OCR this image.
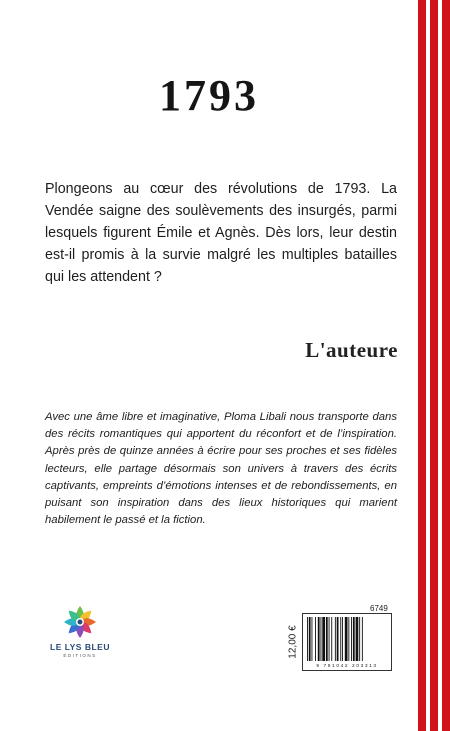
1793

Plongeons au cœur des révolutions de 1793. La Vendée saigne des soulèvements des insurgés, parmi lesquels figurent Émile et Agnès. Dès lors, leur destin est-il promis à la survie malgré les multiples batailles qui les attendent ?

L'auteure

Avec une âme libre et imaginative, Ploma Libali nous transporte dans des récits romantiques qui apportent du réconfort et de l’inspiration. Après près de quinze années à écrire pour ses proches et ses fidèles lecteurs, elle partage désormais son univers à travers des écrits captivants, empreints d’émotions intenses et de rebondissements, en puisant son inspiration dans des lieux historiques qui marient habilement le passé et la fiction.

LE LYS BLEU
ÉDITIONS
6749
12,00 €
9 791042 203313
